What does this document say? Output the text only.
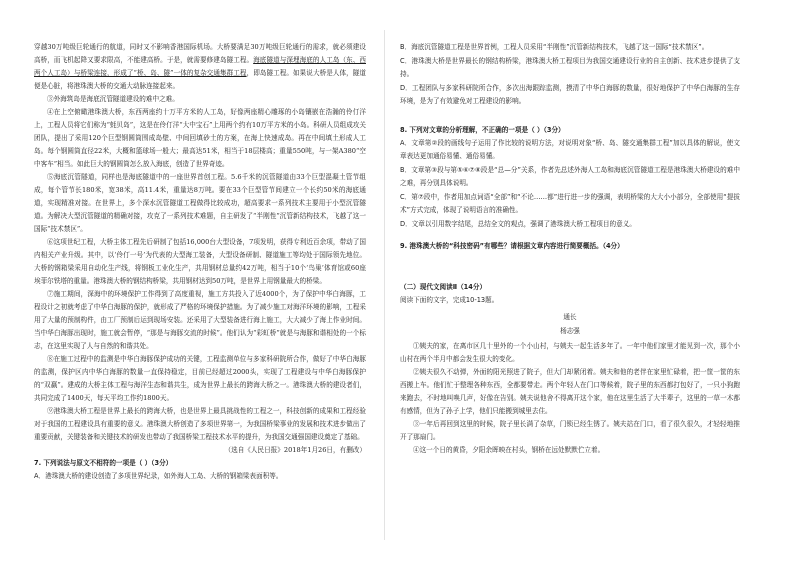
穿越30万吨级巨轮通行的航道，同时又不影响香港国际机场。大桥要满足30万吨级巨轮通行的需求，就必须建设高桥，而飞机起降又要求限高，不能建高桥。于是，就需要修建岛隧工程。海底隧道与深埋海底的人工岛（东、西两个人工岛）与桥梁连接，形成了“桥、岛、隧”一体的复杂交通集群工程，即岛隧工程。如果说大桥是人体，隧道便是心脏，将港珠澳大桥的交通大动脉连接起来。

③外海筑岛是海底沉管隧道建设的难中之难。

④在上空俯瞰港珠澳大桥，东西两座约十万平方米的人工岛，好像两座精心雕琢的小岛镶嵌在浩瀚的伶仃洋上，工程人员将它们称为“蚝贝岛”，这是在伶仃洋“大中宝石”上用两个约有10万平方米的小岛。科研人员组成攻关团队，提出了采用120个巨型钢圆筒围成岛壁、中间回填砂土的方案，在海上快速成岛。再在中间填土形成人工岛。每个钢圆筒直径22米，大概和篮球场一般大；最高达51米，相当于18层楼高；重量550吨，与一架A380“空中客车”相当。如此巨大的钢圆筒怎么放入海底，创造了世界奇迹。

⑤海底沉管隧道，同样也是海底隧道中的一座世界首创工程。5.6千米的沉管隧道由33个巨型混凝土管节组成，每个管节长180米，宽38米，高11.4米，重量达8万吨。要在33个巨型管节间建立一个长约50米的海底通道，实现精准对接。在世界上，多个深水沉管隧道工程做得比较成功，超高要求一系列技术主要用于小型沉管隧道。为解决大型沉管隧道的精确对接，攻克了一系列技术难题，自主研发了“半刚性”沉管新结构技术，飞越了这一国际“技术禁区”。

⑥这项世纪工程，大桥主体工程先后研制了包括16,000台大型设备，7项发明，获得专利近百余项，带动了国内相关产业升级。其中，以‘伶仃一号’为代表的大型海工装备，大型设备研制、隧道施工等均处于国际领先地位。大桥的钢箱梁采用自动化生产线，将钢板工业化生产，共用钢材总量约42万吨，相当于10个‘鸟巢’体育馆或60座埃菲尔铁塔的重量。港珠澳大桥的钢结构桥梁，共用钢材达到50万吨，是世界上用钢量最大的桥梁。

⑦施工期间，深海中的环境保护工作得到了高度重视，施工方共投入了近4000个，为了保护中华白海豚，工程设计之初就考虑了中华白海豚的保护，就形成了严格的环境保护措施。为了减少施工对海洋环境的影响，工程采用了大量的预制构件，由工厂预制后运到现场安装。还采用了大型装备进行海上施工，大大减少了海上作业时间。当中华白海豚出现时，施工就会暂停，“那是与海豚交流的时候”。他们认为“彩虹桥”就是与海豚和谐相处的一个标志，在这里实现了人与自然的和谐共处。

⑧在施工过程中的监测是中华白海豚保护成功的关键，工程监测单位与多家科研院所合作，做好了中华白海豚的监测，保护区内中华白海豚的数量一直保持稳定，目前已经超过2000头，实现了工程建设与中华白海豚保护的“双赢”。建成的大桥主体工程与海洋生态和谐共生，成为世界上最长的跨海大桥之一。港珠澳大桥的建设者们，共同完成了1400天，每天平均工作约1800天。

⑨港珠澳大桥工程是世界上最长的跨海大桥，也是世界上最具挑战性的工程之一，科技创新的成果和工程经验对于我国的工程建设具有重要的意义。港珠澳大桥创造了多项世界第一，为我国桥梁事业的发展和技术进步做出了重要贡献，关键装备和关键技术的研发也带动了我国桥梁工程技术水平的提升，为我国交通强国建设奠定了基础。

（选自《人民日报》2018年1月26日，有删改）

7. 下列说法与原文不相符的一项是（ ）（3分）

A．港珠澳大桥的建设创造了多项世界纪录，如外海人工岛、大桥的钢箱梁表面积等。

B．海底沉管隧道工程是世界首例，工程人员采用“半刚性”沉管新结构技术，飞越了这一国际“技术禁区”。

C．港珠澳大桥是世界最长的钢结构桥梁，港珠澳大桥工程项目为我国交通建设行业的自主创新、技术进步提供了支持。

D．工程团队与多家科研院所合作，多次出海跟踪监测，摸清了中华白海豚的数量，很好地保护了中华白海豚的生存环境，是为了有效避免对工程建设的影响。

8. 下列对文章的分析理解，不正确的一项是（ ）（3分）

A．文章第②段的画线句子运用了作比较的说明方法，对说明对象“桥、岛、隧交通集群工程”加以具体的解说，使文章表达更加通俗易懂、通俗易懂。

B．文章第③段与第⑤⑥⑦⑧段是“总—分”关系，作者先总述外海人工岛和海底沉管隧道工程是港珠澳大桥建设的难中之难，再分别具体说明。

C．第⑦段中，作者用加点词语“全部”和“不论……都”进行进一步的强调，表明桥梁的大大小小部分，全部使用“提拔术”方式完成，体现了说明语言的准确性。

D．文章以引用数字结尾，总结全文的观点，强调了港珠澳大桥工程项目的意义。

9. 港珠澳大桥的“科技密码”有哪些？请根据文章内容进行简要概括。（4分）

（二）现代文阅读Ⅱ（14分）

阅读下面的文字，完成10-13题。

通长

杨志强

①姨夫的家，在离市区几十里外的一个小山村，与姨夫一起生活多年了。一年中他们家里才能见到一次，那个小山村在两个半月中都会发生很大的变化。

②姨夫很久不动弹，外面的阳光照进了院子，但大门却紧闭着。姨夫和他的老伴在家里忙碌着，把一筐一筐的东西搬上车。他们忙于整理各种东西，全都要带走。两个年轻人在门口等候着，院子里的东西都打包好了，一只小狗跑来跑去，不时地叫唤几声，好像在告别。姨夫说他舍不得离开这个家，他在这里生活了大半辈子，这里的一草一木都有感情，但为了孙子上学，他们只能搬到城里去住。

③一年后再回到这里的时候，院子里长满了杂草，门锁已经生锈了。姨夫站在门口，看了很久很久，才轻轻地推开了那扇门。

④这一个日的黄昏，夕阳余晖映在村头，钢桥在远处默默伫立着。
